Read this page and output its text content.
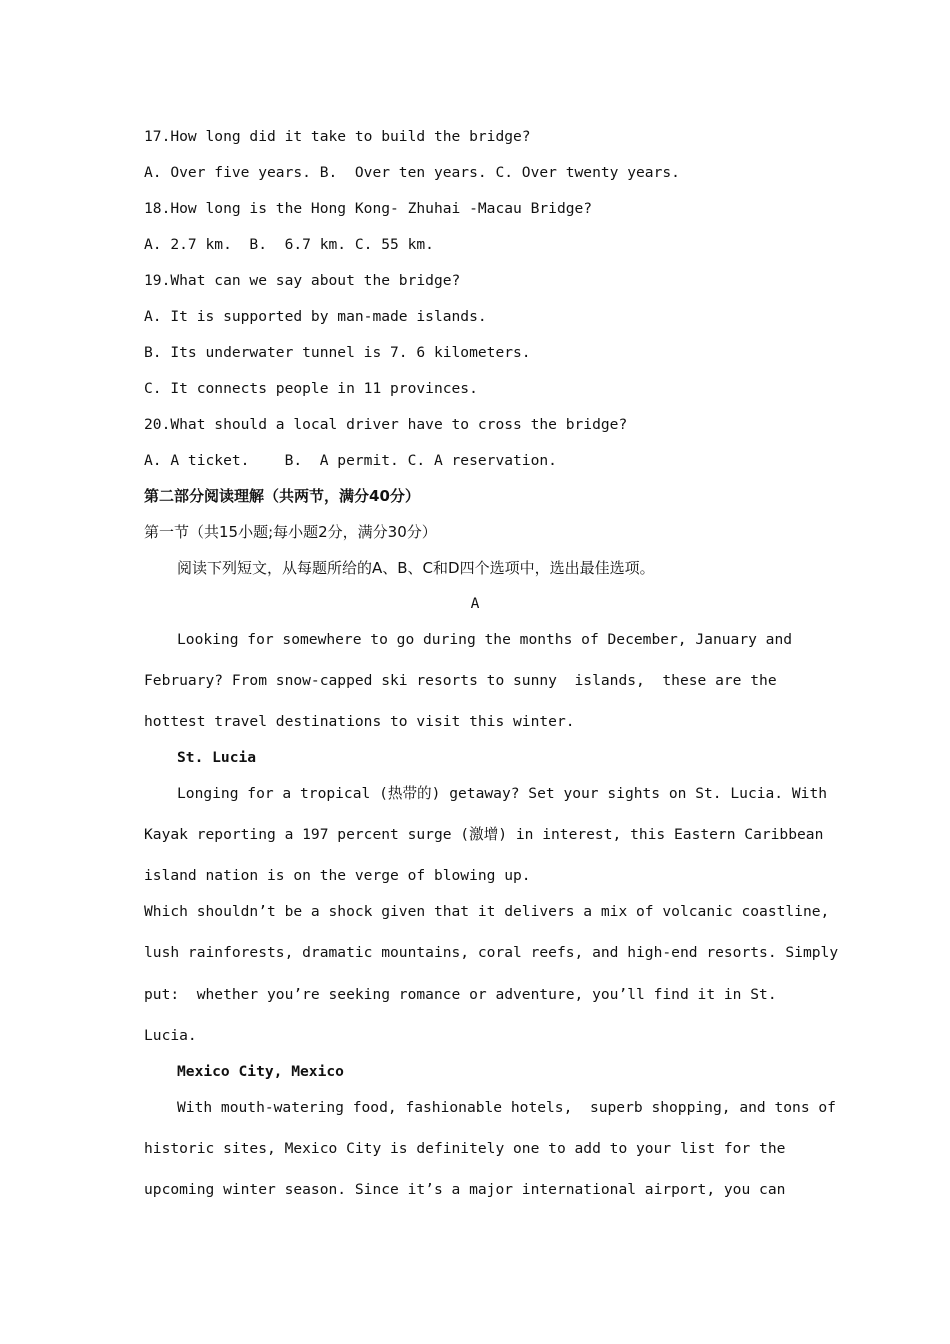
17.How long did it take to build the bridge?
A. Over five years. B.  Over ten years. C. Over twenty years.
18.How long is the Hong Kong- Zhuhai -Macau Bridge?
A. 2.7 km.  B.  6.7 km. C. 55 km.
19.What can we say about the bridge?
A. It is supported by man-made islands.
B. Its underwater tunnel is 7. 6 kilometers.
C. It connects people in 11 provinces.
20.What should a local driver have to cross the bridge?
A. A ticket.    B.  A permit. C. A reservation.
第二部分阅读理解（共两节，满分40分）
第一节（共15小题;每小题2分，满分30分）
阅读下列短文，从每题所给的A、B、C和D四个选项中，选出最佳选项。
A
Looking for somewhere to go during the months of December, January and
February? From snow-capped ski resorts to sunny  islands,  these are the
hottest travel destinations to visit this winter.
St. Lucia
Longing for a tropical (热带的) getaway? Set your sights on St. Lucia. With
Kayak reporting a 197 percent surge (激增) in interest, this Eastern Caribbean
island nation is on the verge of blowing up.
Which shouldn’t be a shock given that it delivers a mix of volcanic coastline,
lush rainforests, dramatic mountains, coral reefs, and high-end resorts. Simply
put:  whether you’re seeking romance or adventure, you’ll find it in St.
Lucia.
Mexico City, Mexico
With mouth-watering food, fashionable hotels,  superb shopping, and tons of
historic sites, Mexico City is definitely one to add to your list for the
upcoming winter season. Since it’s a major international airport, you can
